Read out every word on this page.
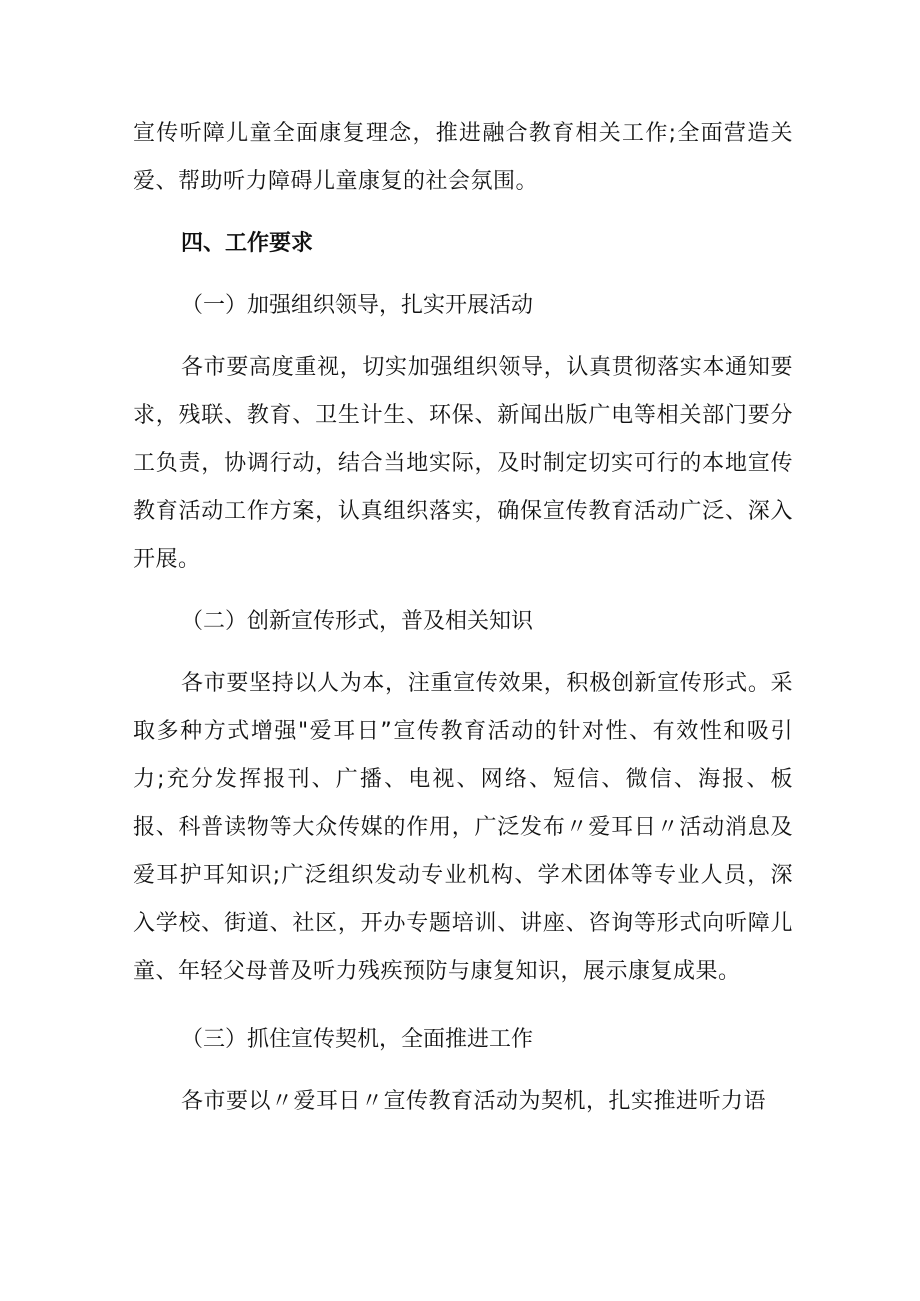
宣传听障儿童全面康复理念，推进融合教育相关工作;全面营造关爱、帮助听力障碍儿童康复的社会氛围。

四、工作要求

（一）加强组织领导，扎实开展活动

各市要高度重视，切实加强组织领导，认真贯彻落实本通知要求，残联、教育、卫生计生、环保、新闻出版广电等相关部门要分工负责，协调行动，结合当地实际，及时制定切实可行的本地宣传教育活动工作方案，认真组织落实，确保宣传教育活动广泛、深入开展。

（二）创新宣传形式，普及相关知识

各市要坚持以人为本，注重宣传效果，积极创新宣传形式。采取多种方式增强"爱耳日”宣传教育活动的针对性、有效性和吸引力;充分发挥报刊、广播、电视、网络、短信、微信、海报、板报、科普读物等大众传媒的作用，广泛发布〃爱耳日〃活动消息及爱耳护耳知识;广泛组织发动专业机构、学术团体等专业人员，深入学校、街道、社区，开办专题培训、讲座、咨询等形式向听障儿童、年轻父母普及听力残疾预防与康复知识，展示康复成果。

（三）抓住宣传契机，全面推进工作

各市要以〃爱耳日〃宣传教育活动为契机，扎实推进听力语
